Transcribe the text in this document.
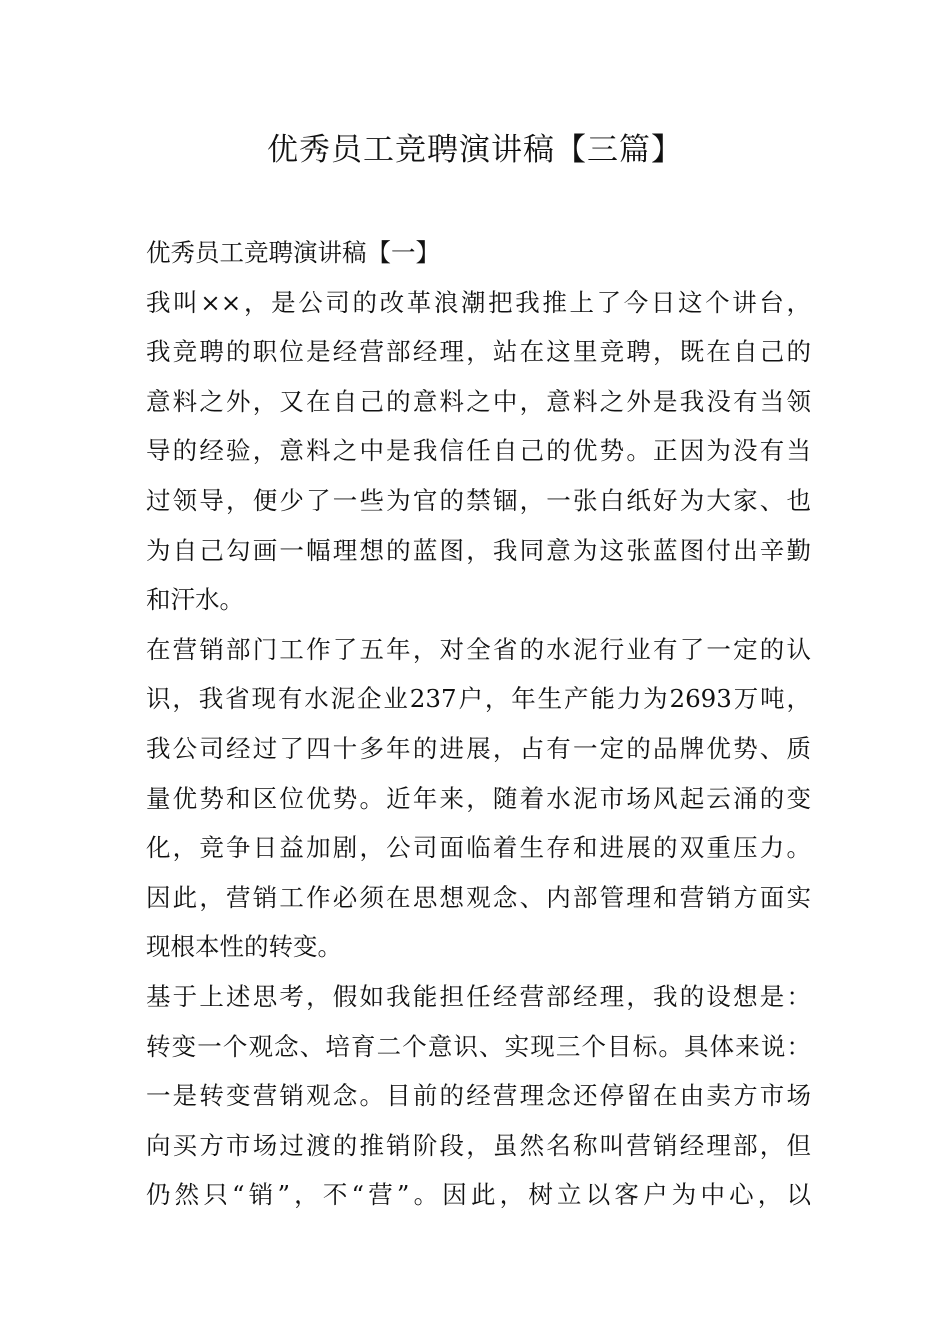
优秀员工竞聘演讲稿【三篇】
优秀员工竞聘演讲稿【一】
我叫××，是公司的改革浪潮把我推上了今日这个讲台，
我竞聘的职位是经营部经理，站在这里竞聘，既在自己的
意料之外，又在自己的意料之中，意料之外是我没有当领
导的经验，意料之中是我信任自己的优势。正因为没有当
过领导，便少了一些为官的禁锢，一张白纸好为大家、也
为自己勾画一幅理想的蓝图，我同意为这张蓝图付出辛勤
和汗水。
在营销部门工作了五年，对全省的水泥行业有了一定的认
识，我省现有水泥企业237户，年生产能力为2693万吨，
我公司经过了四十多年的进展，占有一定的品牌优势、质
量优势和区位优势。近年来，随着水泥市场风起云涌的变
化，竞争日益加剧，公司面临着生存和进展的双重压力。
因此，营销工作必须在思想观念、内部管理和营销方面实
现根本性的转变。
基于上述思考，假如我能担任经营部经理，我的设想是：
转变一个观念、培育二个意识、实现三个目标。具体来说：
一是转变营销观念。目前的经营理念还停留在由卖方市场
向买方市场过渡的推销阶段，虽然名称叫营销经理部，但
仍然只“销”，不“营”。因此，树立以客户为中心，以
